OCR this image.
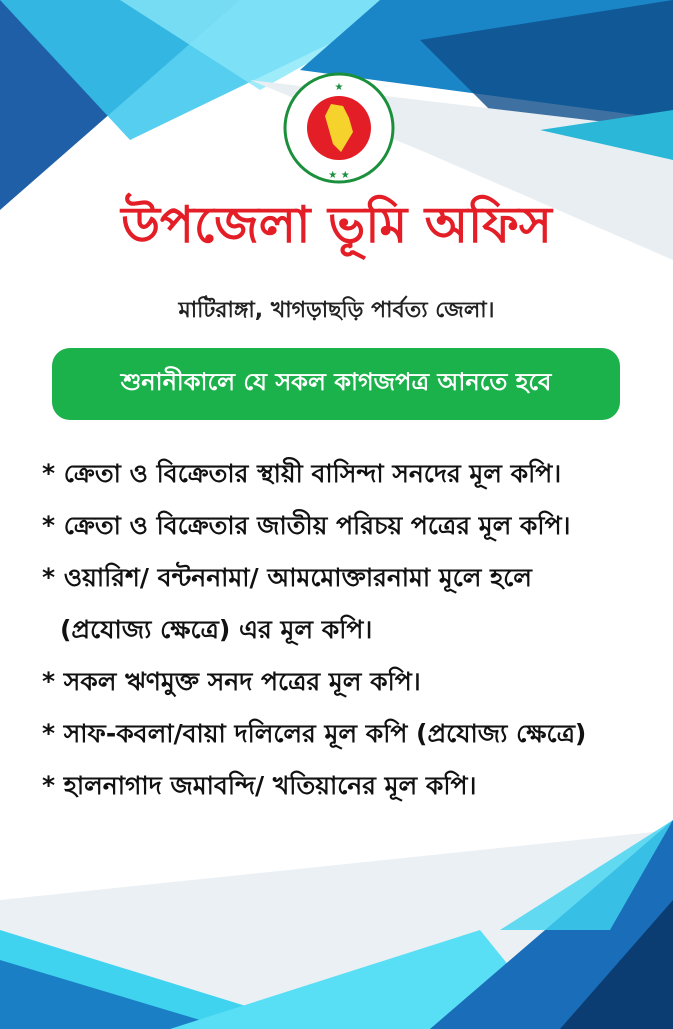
★
★ ★
উপজেলা ভূমি অফিস
মাটিরাঙ্গা, খাগড়াছড়ি পার্বত্য জেলা।
শুনানীকালে যে সকল কাগজপত্র আনতে হবে
* ক্রেতা ও বিক্রেতার স্থায়ী বাসিন্দা সনদের মূল কপি।
* ক্রেতা ও বিক্রেতার জাতীয় পরিচয় পত্রের মূল কপি।
* ওয়ারিশ/ বন্টননামা/ আমমোক্তারনামা মূলে হলে
(প্রযোজ্য ক্ষেত্রে) এর মূল কপি।
* সকল ঋণমুক্ত সনদ পত্রের মূল কপি।
* সাফ-কবলা/বায়া দলিলের মূল কপি (প্রযোজ্য ক্ষেত্রে)
* হালনাগাদ জমাবন্দি/ খতিয়ানের মূল কপি।
